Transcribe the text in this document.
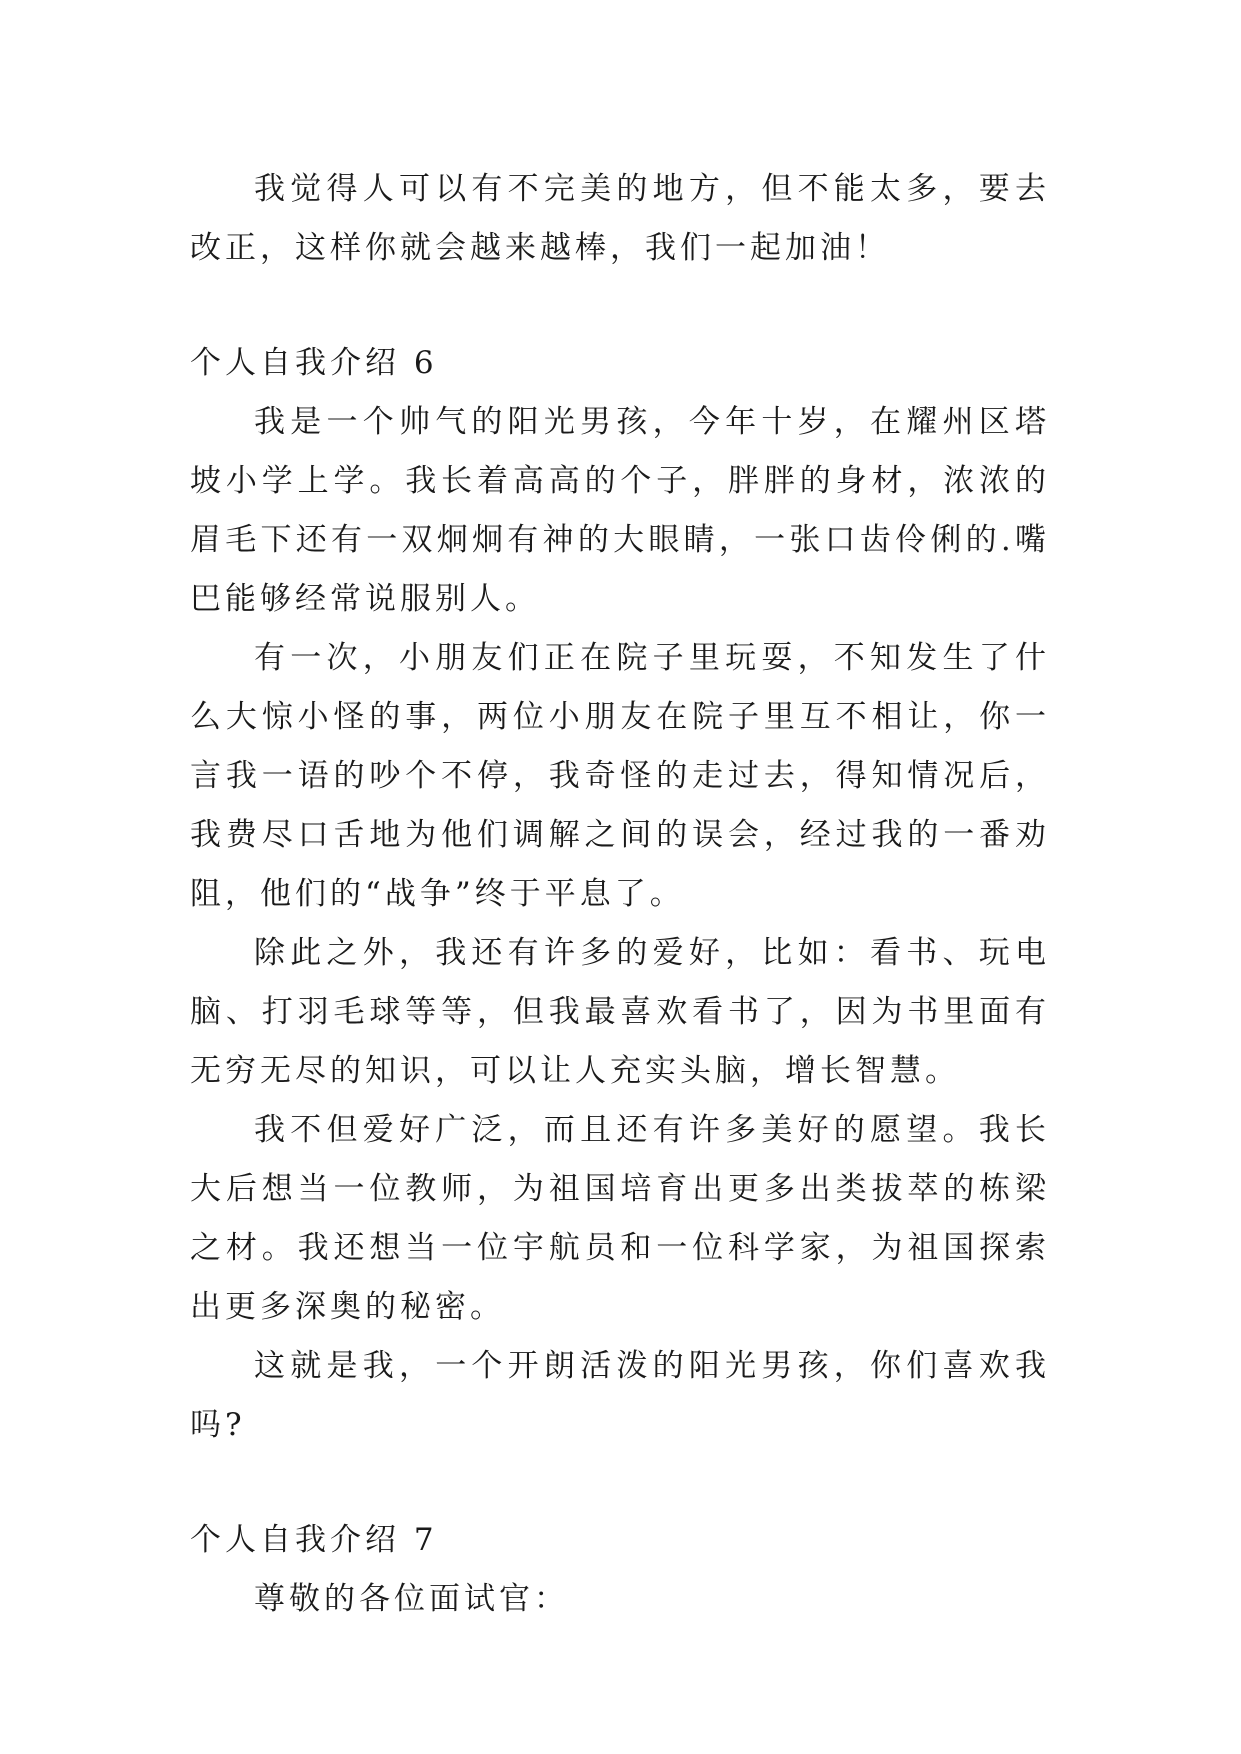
我觉得人可以有不完美的地方，但不能太多，要去改正，这样你就会越来越棒，我们一起加油！

个人自我介绍 6

我是一个帅气的阳光男孩，今年十岁，在耀州区塔坡小学上学。我长着高高的个子，胖胖的身材，浓浓的眉毛下还有一双炯炯有神的大眼睛，一张口齿伶俐的.嘴巴能够经常说服别人。

有一次，小朋友们正在院子里玩耍，不知发生了什么大惊小怪的事，两位小朋友在院子里互不相让，你一言我一语的吵个不停，我奇怪的走过去，得知情况后，我费尽口舌地为他们调解之间的误会，经过我的一番劝阻，他们的“战争”终于平息了。

除此之外，我还有许多的爱好，比如：看书、玩电脑、打羽毛球等等，但我最喜欢看书了，因为书里面有无穷无尽的知识，可以让人充实头脑，增长智慧。

我不但爱好广泛，而且还有许多美好的愿望。我长大后想当一位教师，为祖国培育出更多出类拔萃的栋梁之材。我还想当一位宇航员和一位科学家，为祖国探索出更多深奥的秘密。

这就是我，一个开朗活泼的阳光男孩，你们喜欢我吗?

个人自我介绍 7

尊敬的各位面试官：
